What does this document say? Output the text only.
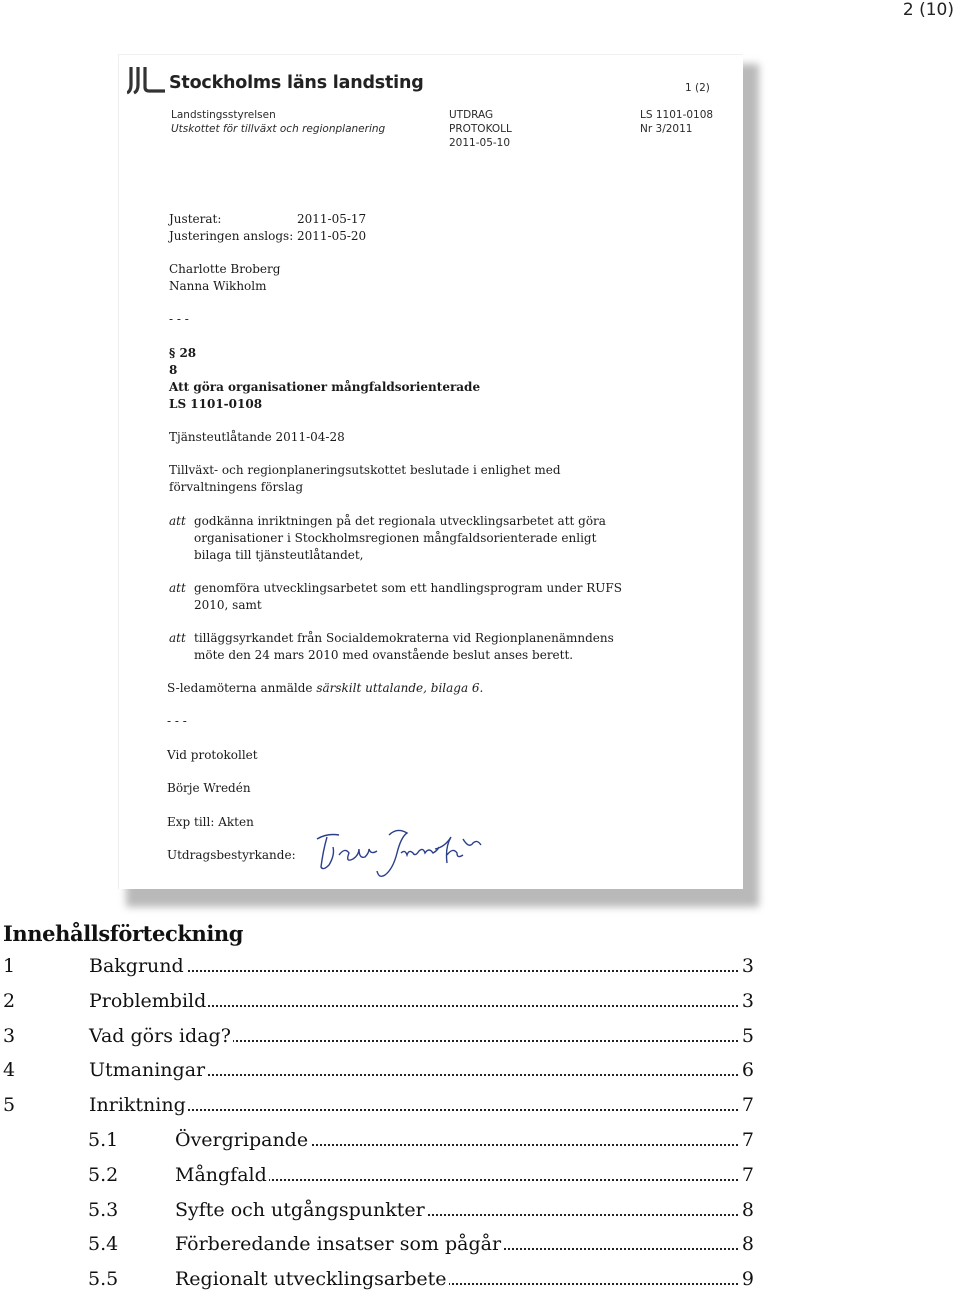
2 (10)
Stockholms läns landsting	1 (2)
Landstingsstyrelsen
Utskottet för tillväxt och regionplanering
UTDRAG
PROTOKOLL
2011-05-10
LS 1101-0108
Nr 3/2011
Justerat:	2011-05-17
Justeringen anslogs: 2011-05-20
Charlotte Broberg
Nanna Wikholm
- - -
§ 28
8
Att göra organisationer mångfaldsorienterade
LS 1101-0108
Tjänsteutlåtande 2011-04-28
Tillväxt- och regionplaneringsutskottet beslutade i enlighet med
förvaltningens förslag
att godkänna inriktningen på det regionala utvecklingsarbetet att göra
organisationer i Stockholmsregionen mångfaldsorienterade enligt
bilaga till tjänsteutlåtandet,
att genomföra utvecklingsarbetet som ett handlingsprogram under RUFS
2010, samt
att tilläggsyrkandet från Socialdemokraterna vid Regionplanenämndens
möte den 24 mars 2010 med ovanstående beslut anses berett.
S-ledamöterna anmälde särskilt uttalande, bilaga 6.
- - -
Vid protokollet
Börje Wredén
Exp till: Akten
Utdragsbestyrkande:
Innehållsförteckning
1	Bakgrund	3
2	Problembild	3
3	Vad görs idag?	5
4	Utmaningar	6
5	Inriktning	7
5.1	Övergripande	7
5.2	Mångfald	7
5.3	Syfte och utgångspunkter	8
5.4	Förberedande insatser som pågår	8
5.5	Regionalt utvecklingsarbete	9
